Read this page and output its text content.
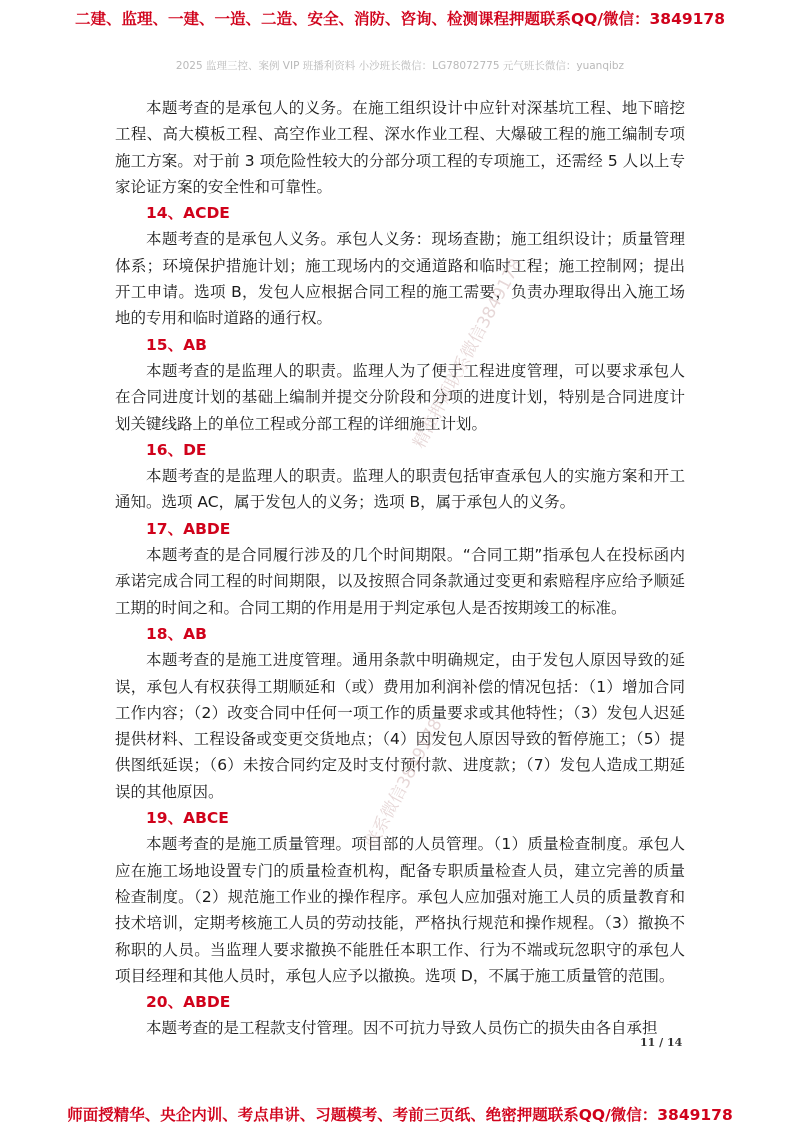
二建、监理、一建、一造、二造、安全、消防、咨询、检测课程押题联系QQ/微信：3849178
2025 监理三控、案例 VIP 班播利资料 小沙班长微信：LG78072775 元气班长微信：yuanqibz

本题考查的是承包人的义务。在施工组织设计中应针对深基坑工程、地下暗挖工程、高大模板工程、高空作业工程、深水作业工程、大爆破工程的施工编制专项施工方案。对于前 3 项危险性较大的分部分项工程的专项施工，还需经 5 人以上专家论证方案的安全性和可靠性。

14、ACDE

本题考查的是承包人义务。承包人义务：现场查勘；施工组织设计；质量管理体系；环境保护措施计划；施工现场内的交通道路和临时工程；施工控制网；提出开工申请。选项 B，发包人应根据合同工程的施工需要，负责办理取得出入施工场地的专用和临时道路的通行权。

15、AB

本题考查的是监理人的职责。监理人为了便于工程进度管理，可以要求承包人在合同进度计划的基础上编制并提交分阶段和分项的进度计划，特别是合同进度计划关键线路上的单位工程或分部工程的详细施工计划。

16、DE

本题考查的是监理人的职责。监理人的职责包括审查承包人的实施方案和开工通知。选项 AC，属于发包人的义务；选项 B，属于承包人的义务。

17、ABDE

本题考查的是合同履行涉及的几个时间期限。“合同工期”指承包人在投标函内承诺完成合同工程的时间期限，以及按照合同条款通过变更和索赔程序应给予顺延工期的时间之和。合同工期的作用是用于判定承包人是否按期竣工的标准。

18、AB

本题考查的是施工进度管理。通用条款中明确规定，由于发包人原因导致的延误，承包人有权获得工期顺延和（或）费用加利润补偿的情况包括：（1）增加合同工作内容；（2）改变合同中任何一项工作的质量要求或其他特性；（3）发包人迟延提供材料、工程设备或变更交货地点；（4）因发包人原因导致的暂停施工；（5）提供图纸延误；（6）未按合同约定及时支付预付款、进度款；（7）发包人造成工期延误的其他原因。

19、ABCE

本题考查的是施工质量管理。项目部的人员管理。（1）质量检查制度。承包人应在施工场地设置专门的质量检查机构，配备专职质量检查人员，建立完善的质量检查制度。（2）规范施工作业的操作程序。承包人应加强对施工人员的质量教育和技术培训，定期考核施工人员的劳动技能，严格执行规范和操作规程。（3）撤换不称职的人员。当监理人要求撤换不能胜任本职工作、行为不端或玩忽职守的承包人项目经理和其他人员时，承包人应予以撤换。选项 D，不属于施工质量管的范围。

20、ABDE

本题考查的是工程款支付管理。因不可抗力导致人员伤亡的损失由各自承担

精准押题联系微信3849178
联系微信3849178
11 / 14
师面授精华、央企内训、考点串讲、习题模考、考前三页纸、绝密押题联系QQ/微信：3849178
